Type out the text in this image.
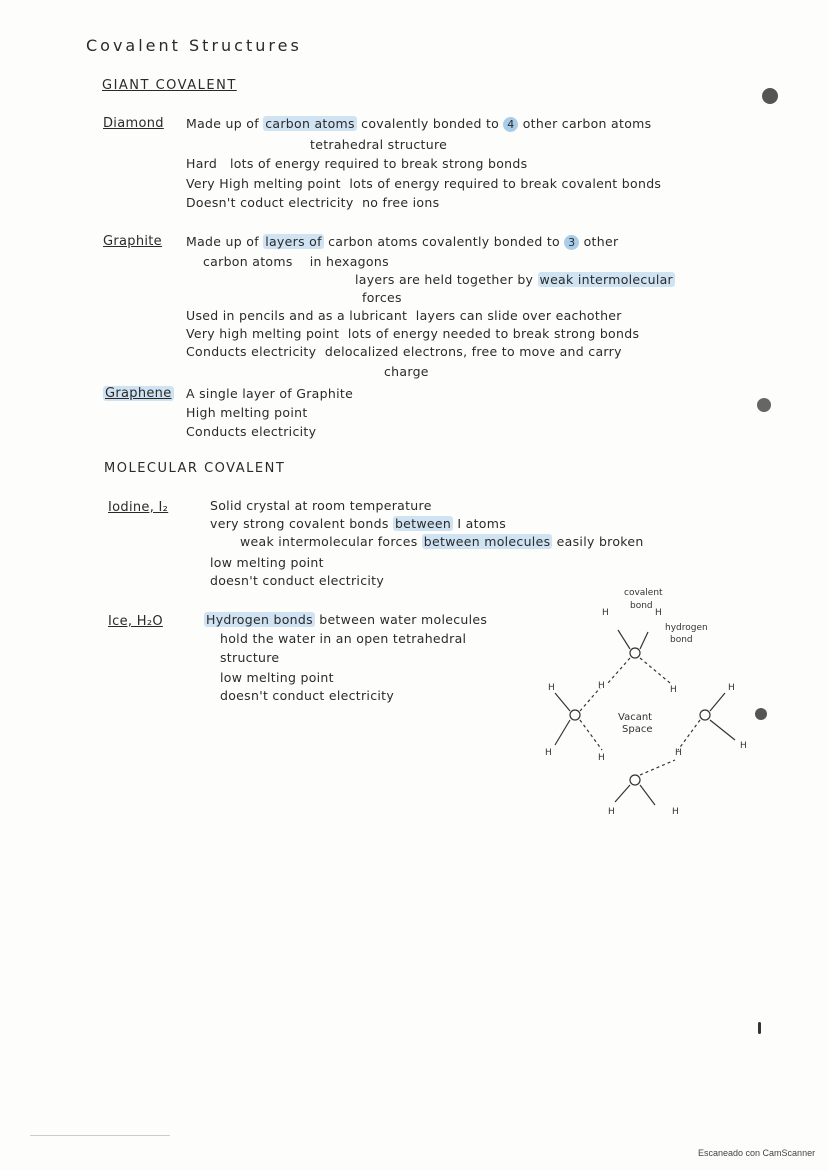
Covalent Structures
GIANT COVALENT
Diamond Made up of carbon atoms covalently bonded to 4 other carbon atoms
tetrahedral structure
Hard lots of energy required to break strong bonds
Very High melting point lots of energy required to break covalent bonds
Doesn't coduct electricity no free ions
Graphite Made up of layers of carbon atoms covalently bonded to 3 other
carbon atoms in hexagons
layers are held together by weak intermolecular
forces
Used in pencils and as a lubricant layers can slide over eachother
Very high melting point lots of energy needed to break strong bonds
Conducts electricity delocalized electrons, free to move and carry
charge
Graphene A single layer of Graphite
High melting point
Conducts electricity
MOLECULAR COVALENT
Iodine, I₂	Solid crystal at room temperature
very strong covalent bonds between I atoms
weak intermolecular forces between molecules easily broken
low melting point
doesn't conduct electricity
Ice, H₂O	Hydrogen bonds between water molecules
hold the water in an open tetrahedral
structure
low melting point
doesn't conduct electricity
covalent
bond
hydrogen
bond
Vacant
Space
H	H
H	H	H	H
H	H	H
H
H	H
Escaneado con CamScanner
